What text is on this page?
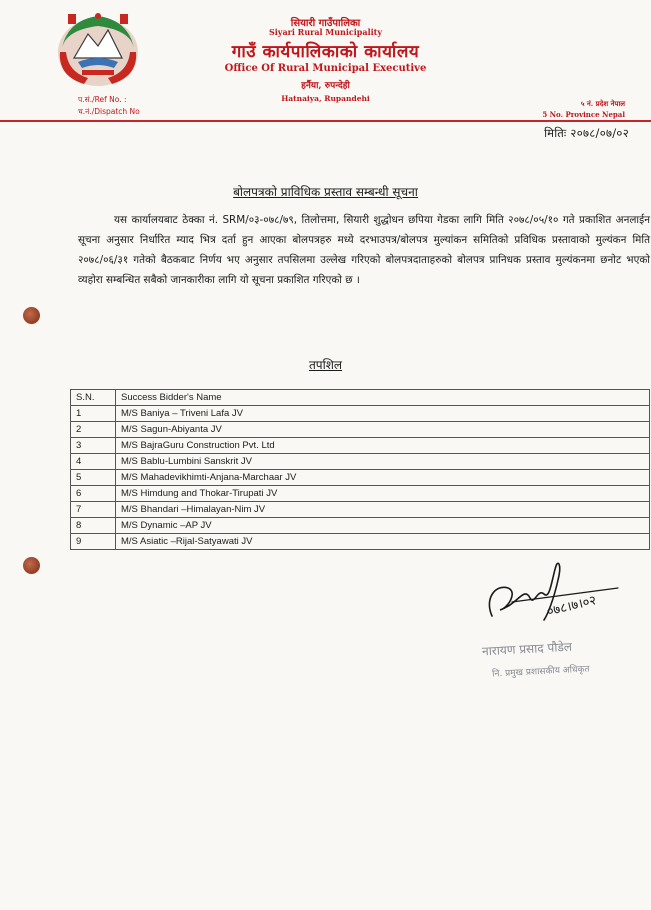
सियारी गाउँपालिका
Siyari Rural Municipality
गाउँ कार्यपालिकाको कार्यालय
Office Of Rural Municipal Executive
हर्नैया, रुपन्देही
Hatnaiya, Rupandehi
प.सं./Ref No. :
च.नं./Dispatch No
५ नं. प्रदेश नेपाल
5 No. Province Nepal
मितिः २०७८/०७/०२
बोलपत्रको प्राविधिक प्रस्ताव सम्बन्धी सूचना
यस कार्यालयबाट ठेक्का नं. SRM/०३-०७८/७९, तिलोत्तमा, सियारी शुद्धोधन छपिया गेडका लागि मिति २०७८/०५/१० गते प्रकाशित अनलाईन सूचना अनुसार निर्धारित म्याद भित्र दर्ता हुन आएका बोलपत्रहरु मध्ये दरभाउपत्र/बोलपत्र मुल्यांकन समितिको प्रविधिक प्रस्तावाको मुल्यंकन मिति २०७८/०६/३१ गतेको बैठकबाट निर्णय भए अनुसार तपसिलमा उल्लेख गरिएको बोलपत्रदाताहरुको बोलपत्र प्रानिधक प्रस्ताव मुल्यंकनमा छनोट भएको व्यहोरा सम्बन्धित सबैको जानकारीका लागि यो सूचना प्रकाशित गरिएको छ ।
तपशिल
S.N.	Success Bidder's Name
1	M/S Baniya – Triveni Lafa JV
2	M/S Sagun-Abiyanta JV
3	M/S BajraGuru Construction Pvt. Ltd
4	M/S Bablu-Lumbini Sanskrit JV
5	M/S Mahadevikhimti-Anjana-Marchaar JV
6	M/S Himdung and Thokar-Tirupati JV
7	M/S Bhandari –Himalayan-Nim JV
8	M/S Dynamic –AP JV
9	M/S Asiatic –Rijal-Satyawati JV
०७८।७।०२
नारायण प्रसाद पौडेल
नि. प्रमुख प्रशासकीय अधिकृत
